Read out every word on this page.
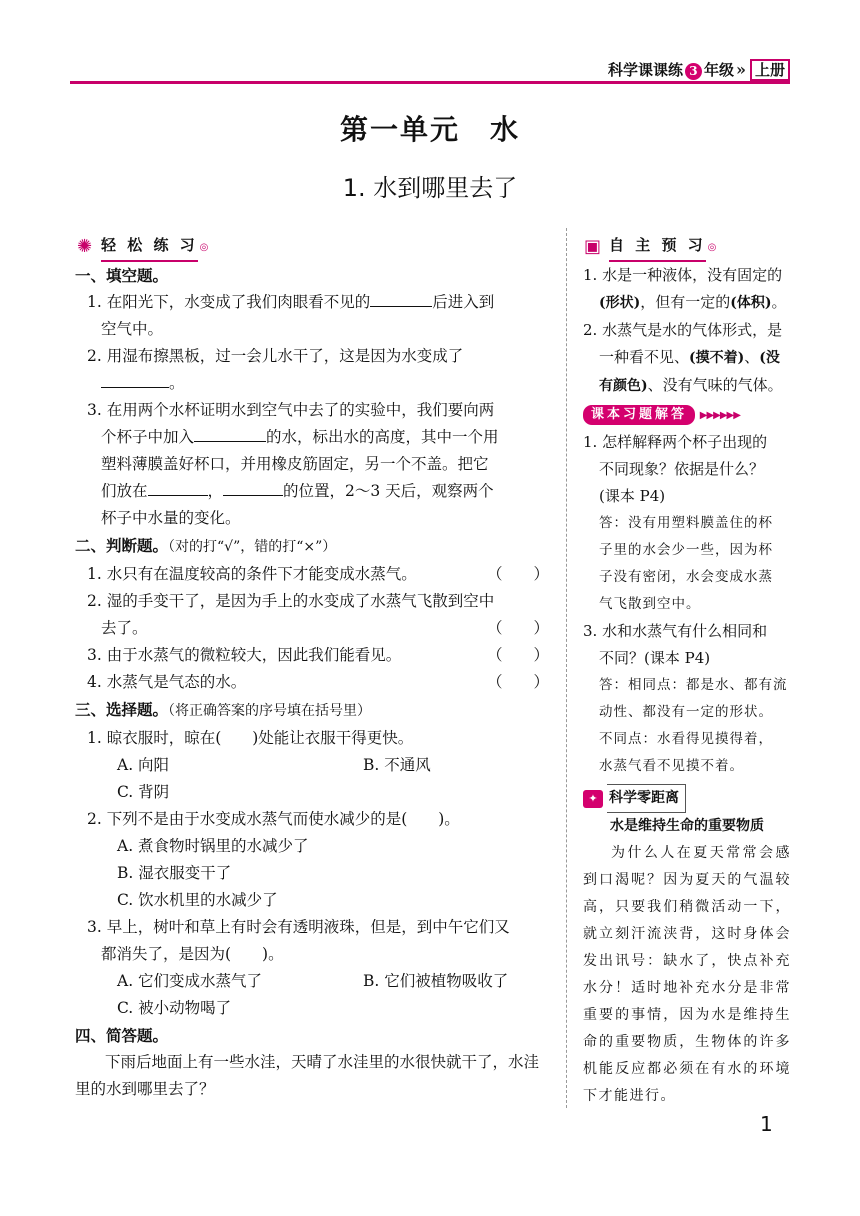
科学课课练 3 年级 » 上册
第一单元　水
1. 水到哪里去了
✺ 轻 松 练 习 ◎
一、填空题。
1. 在阳光下，水变成了我们肉眼看不见的	后进入到
空气中。
2. 用湿布擦黑板，过一会儿水干了，这是因为水变成了
。
3. 在用两个水杯证明水到空气中去了的实验中，我们要向两
个杯子中加入	的水，标出水的高度，其中一个用
塑料薄膜盖好杯口，并用橡皮筋固定，另一个不盖。把它
们放在	，	的位置，2～3 天后，观察两个
杯子中水量的变化。
二、判断题。（对的打“√”，错的打“×”）
1. 水只有在温度较高的条件下才能变成水蒸气。	（　　）
2. 湿的手变干了，是因为手上的水变成了水蒸气飞散到空中
去了。	（　　）
3. 由于水蒸气的微粒较大，因此我们能看见。	（　　）
4. 水蒸气是气态的水。	（　　）
三、选择题。（将正确答案的序号填在括号里）
1. 晾衣服时，晾在(　　)处能让衣服干得更快。
A. 向阳	B. 不通风
C. 背阴
2. 下列不是由于水变成水蒸气而使水减少的是(　　)。
A. 煮食物时锅里的水减少了
B. 湿衣服变干了
C. 饮水机里的水减少了
3. 早上，树叶和草上有时会有透明液珠，但是，到中午它们又
都消失了，是因为(　　)。
A. 它们变成水蒸气了	B. 它们被植物吸收了
C. 被小动物喝了
四、简答题。
下雨后地面上有一些水洼，天晴了水洼里的水很快就干了，水洼里的水到哪里去了？
▣ 自 主 预 习 ◎
1. 水是一种液体，没有固定的
(形状)，但有一定的(体积)。
2. 水蒸气是水的气体形式，是
一种看不见、(摸不着)、(没
有颜色)、没有气味的气体。
课本习题解答 ▶▶▶▶▶▶
1. 怎样解释两个杯子出现的
不同现象？依据是什么？
(课本 P4)
答：没有用塑料膜盖住的杯
子里的水会少一些，因为杯
子没有密闭，水会变成水蒸
气飞散到空中。
3. 水和水蒸气有什么相同和
不同？(课本 P4)
答：相同点：都是水、都有流
动性、都没有一定的形状。
不同点：水看得见摸得着，
水蒸气看不见摸不着。
✦ 科学零距离
水是维持生命的重要物质
为什么人在夏天常常会感到口渴呢？因为夏天的气温较高，只要我们稍微活动一下，就立刻汗流浃背，这时身体会发出讯号：缺水了，快点补充水分！适时地补充水分是非常重要的事情，因为水是维持生命的重要物质，生物体的许多机能反应都必须在有水的环境下才能进行。
1
